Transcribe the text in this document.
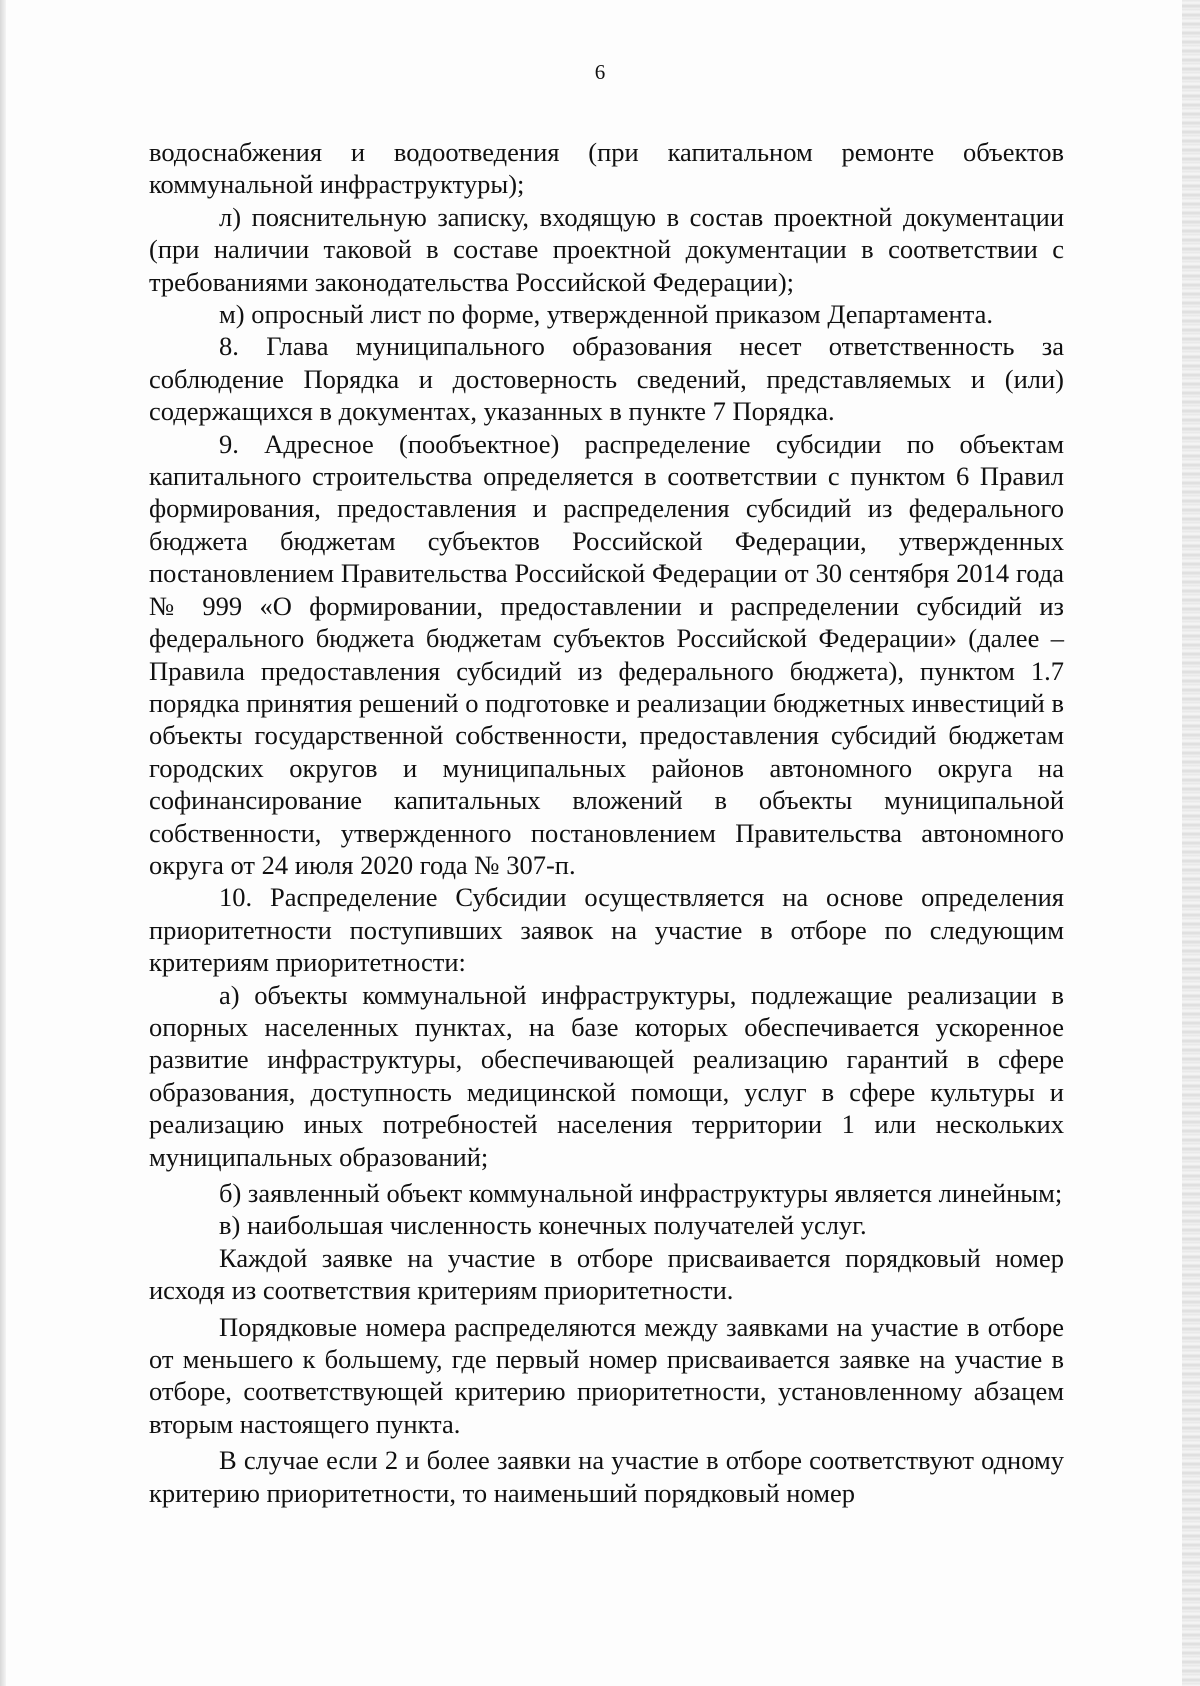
6

водоснабжения и водоотведения (при капитальном ремонте объектов коммунальной инфраструктуры);

л) пояснительную записку, входящую в состав проектной документации (при наличии таковой в составе проектной документации в соответствии с требованиями законодательства Российской Федерации);

м) опросный лист по форме, утвержденной приказом Департамента.

8. Глава муниципального образования несет ответственность за соблюдение Порядка и достоверность сведений, представляемых и (или) содержащихся в документах, указанных в пункте 7 Порядка.

9. Адресное (пообъектное) распределение субсидии по объектам капитального строительства определяется в соответствии с пунктом 6 Правил формирования, предоставления и распределения субсидий из федерального бюджета бюджетам субъектов Российской Федерации, утвержденных постановлением Правительства Российской Федерации от 30 сентября 2014 года № 999 «О формировании, предоставлении и распределении субсидий из федерального бюджета бюджетам субъектов Российской Федерации» (далее – Правила предоставления субсидий из федерального бюджета), пунктом 1.7 порядка принятия решений о подготовке и реализации бюджетных инвестиций в объекты государственной собственности, предоставления субсидий бюджетам городских округов и муниципальных районов автономного округа на софинансирование капитальных вложений в объекты муниципальной собственности, утвержденного постановлением Правительства автономного округа от 24 июля 2020 года № 307-п.

10. Распределение Субсидии осуществляется на основе определения приоритетности поступивших заявок на участие в отборе по следующим критериям приоритетности:

а) объекты коммунальной инфраструктуры, подлежащие реализации в опорных населенных пунктах, на базе которых обеспечивается ускоренное развитие инфраструктуры, обеспечивающей реализацию гарантий в сфере образования, доступность медицинской помощи, услуг в сфере культуры и реализацию иных потребностей населения территории 1 или нескольких муниципальных образований;

б) заявленный объект коммунальной инфраструктуры является линейным;

в) наибольшая численность конечных получателей услуг.

Каждой заявке на участие в отборе присваивается порядковый номер исходя из соответствия критериям приоритетности.

Порядковые номера распределяются между заявками на участие в отборе от меньшего к большему, где первый номер присваивается заявке на участие в отборе, соответствующей критерию приоритетности, установленному абзацем вторым настоящего пункта.

В случае если 2 и более заявки на участие в отборе соответствуют одному критерию приоритетности, то наименьший порядковый номер
